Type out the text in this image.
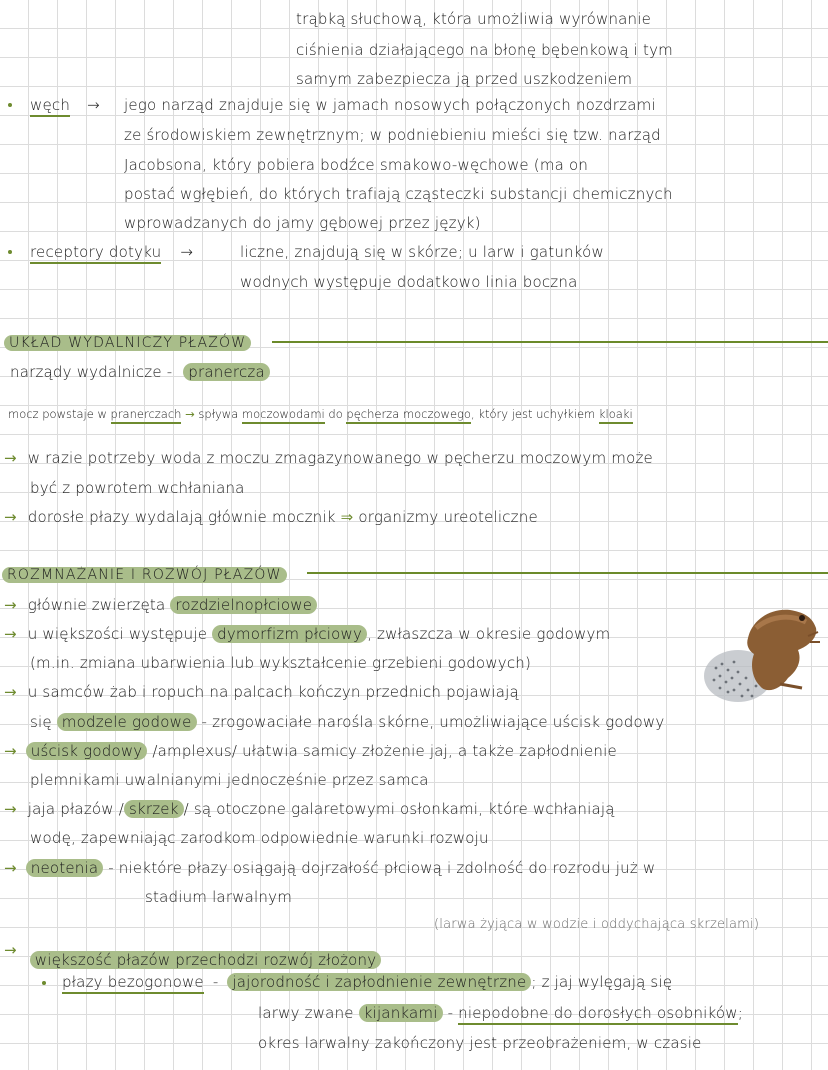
trąbką słuchową, która umożliwia wyrównanie
ciśnienia działającego na błonę bębenkową i tym
samym zabezpiecza ją przed uszkodzeniem
węch → jego narząd znajduje się w jamach nosowych połączonych nozdrzami
ze środowiskiem zewnętrznym; w podniebieniu mieści się tzw. narząd
Jacobsona, który pobiera bodźce smakowo-węchowe (ma on
postać wgłębień, do których trafiają cząsteczki substancji chemicznych
wprowadzanych do jamy gębowej przez język)
receptory dotyku →	liczne, znajdują się w skórze; u larw i gatunków
wodnych występuje dodatkowo linia boczna
UKŁAD WYDALNICZY PŁAZÓW
narządy wydalnicze - pranercza
mocz powstaje w pranerczach → spływa moczowodami do pęcherza moczowego, który jest uchyłkiem kloaki
→ w razie potrzeby woda z moczu zmagazynowanego w pęcherzu moczowym może
być z powrotem wchłaniana
→ dorosłe płazy wydalają głównie mocznik ⇒ organizmy ureoteliczne
ROZMNAŻANIE I ROZWÓJ PŁAZÓW
→ głównie zwierzęta rozdzielnopłciowe
→ u większości występuje dymorfizm płciowy , zwłaszcza w okresie godowym
(m.in. zmiana ubarwienia lub wykształcenie grzebieni godowych)
→ u samców żab i ropuch na palcach kończyn przednich pojawiają
się modzele godowe - zrogowaciałe narośla skórne, umożliwiające uścisk godowy
→ uścisk godowy /amplexus/ ułatwia samicy złożenie jaj, a także zapłodnienie
plemnikami uwalnianymi jednocześnie przez samca
→ jaja płazów / skrzek / są otoczone galaretowymi osłonkami, które wchłaniają
wodę, zapewniając zarodkom odpowiednie warunki rozwoju
→ neotenia - niektóre płazy osiągają dojrzałość płciową i zdolność do rozrodu już w
stadium larwalnym
(larwa żyjąca w wodzie i oddychająca skrzelami)
→ większość płazów przechodzi rozwój złożony
płazy bezogonowe - jajorodność i zapłodnienie zewnętrzne ; z jaj wylęgają się
larwy zwane kijankami - niepodobne do dorosłych osobników;
okres larwalny zakończony jest przeobrażeniem, w czasie
